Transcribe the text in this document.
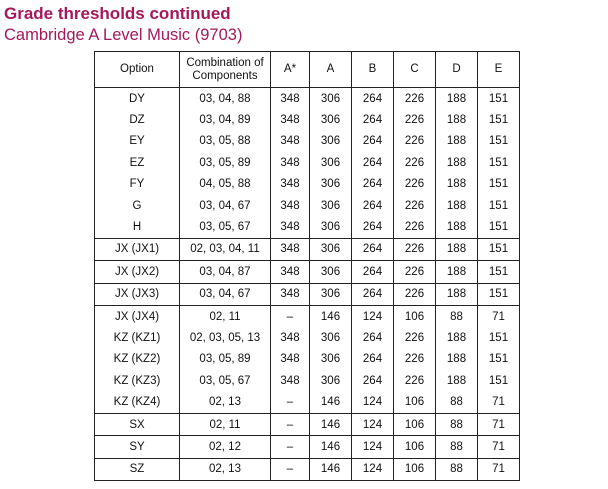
Grade thresholds continued
Cambridge A Level Music (9703)
Option	Combination of Components	A*	A	B	C	D	E
DY	03, 04, 88	348	306	264	226	188	151
DZ	03, 04, 89	348	306	264	226	188	151
EY	03, 05, 88	348	306	264	226	188	151
EZ	03, 05, 89	348	306	264	226	188	151
FY	04, 05, 88	348	306	264	226	188	151
G	03, 04, 67	348	306	264	226	188	151
H	03, 05, 67	348	306	264	226	188	151
JX (JX1)	02, 03, 04, 11	348	306	264	226	188	151
JX (JX2)	03, 04, 87	348	306	264	226	188	151
JX (JX3)	03, 04, 67	348	306	264	226	188	151
JX (JX4)	02, 11	–	146	124	106	88	71
KZ (KZ1)	02, 03, 05, 13	348	306	264	226	188	151
KZ (KZ2)	03, 05, 89	348	306	264	226	188	151
KZ (KZ3)	03, 05, 67	348	306	264	226	188	151
KZ (KZ4)	02, 13	–	146	124	106	88	71
SX	02, 11	–	146	124	106	88	71
SY	02, 12	–	146	124	106	88	71
SZ	02, 13	–	146	124	106	88	71
